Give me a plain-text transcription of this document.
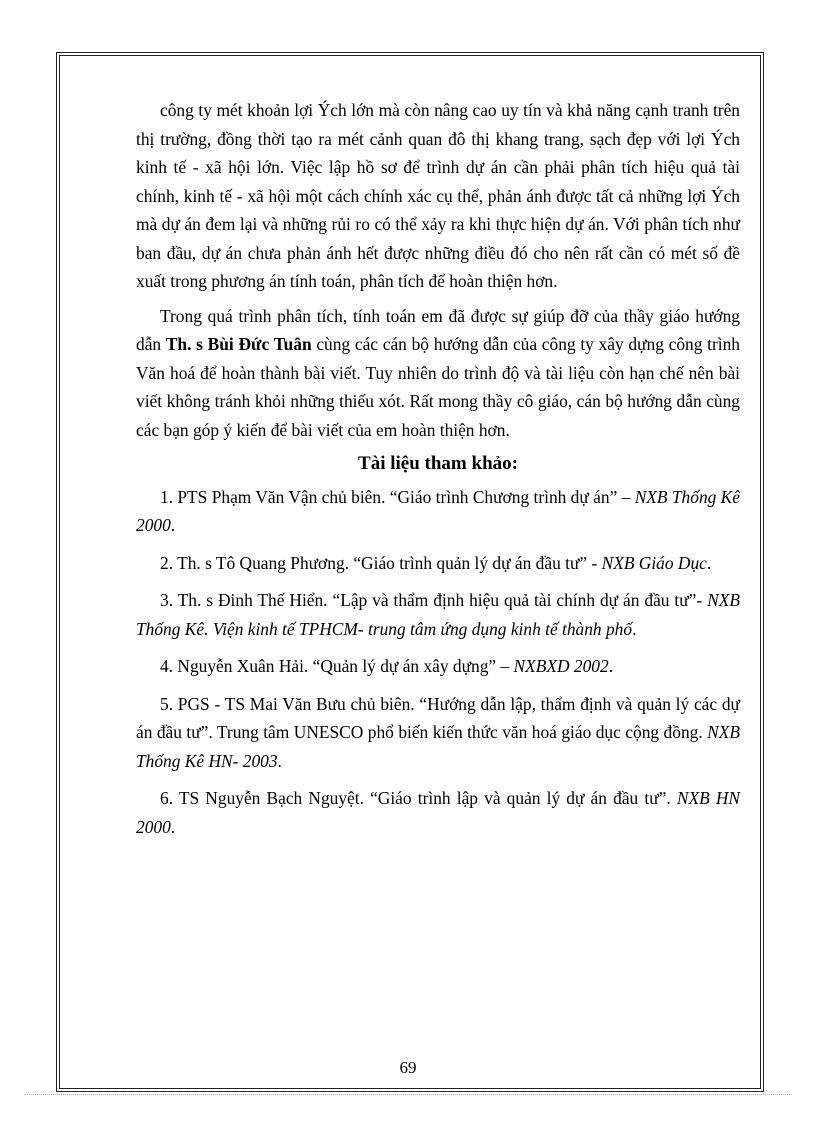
công ty mét khoản lợi Ých lớn mà còn nâng cao uy tín và khả năng cạnh tranh trên thị trường, đồng thời tạo ra mét cảnh quan đô thị khang trang, sạch đẹp với lợi Ých kinh tế - xã hội lớn. Việc lập hồ sơ để trình dự án cần phải phân tích hiệu quả tài chính, kinh tế - xã hội một cách chính xác cụ thể, phản ánh được tất cả những lợi Ých mà dự án đem lại và những rủi ro có thể xảy ra khi thực hiện dự án. Với phân tích như ban đầu, dự án chưa phản ánh hết được những điều đó cho nên rất cần có mét số đề xuất trong phương án tính toán, phân tích để hoàn thiện hơn.

Trong quá trình phân tích, tính toán em đã được sự giúp đỡ của thầy giáo hướng dẫn Th. s Bùi Đức Tuân cùng các cán bộ hướng dẫn của công ty xây dựng công trình Văn hoá để hoàn thành bài viết. Tuy nhiên do trình độ và tài liệu còn hạn chế nên bài viết không tránh khỏi những thiếu xót. Rất mong thầy cô giáo, cán bộ hướng dẫn cùng các bạn góp ý kiến để bài viết của em hoàn thiện hơn.

Tài liệu tham khảo:

1. PTS Phạm Văn Vận chủ biên. “Giáo trình Chương trình dự án” – NXB Thống Kê 2000.

2. Th. s Tô Quang Phương. “Giáo trình quản lý dự án đầu tư” - NXB Giáo Dục.

3. Th. s Đinh Thế Hiển. “Lập và thẩm định hiệu quả tài chính dự án đầu tư”- NXB Thống Kê. Viện kinh tế TPHCM- trung tâm ứng dụng kinh tế thành phố.

4. Nguyễn Xuân Hải. “Quản lý dự án xây dựng” – NXBXD 2002.

5. PGS - TS Mai Văn Bưu chủ biên. “Hướng dẫn lập, thẩm định và quản lý các dự án đầu tư”. Trung tâm UNESCO phổ biến kiến thức văn hoá giáo dục cộng đồng. NXB Thống Kê HN- 2003.

6. TS Nguyễn Bạch Nguyệt. “Giáo trình lập và quản lý dự án đầu tư”. NXB HN 2000.

69
